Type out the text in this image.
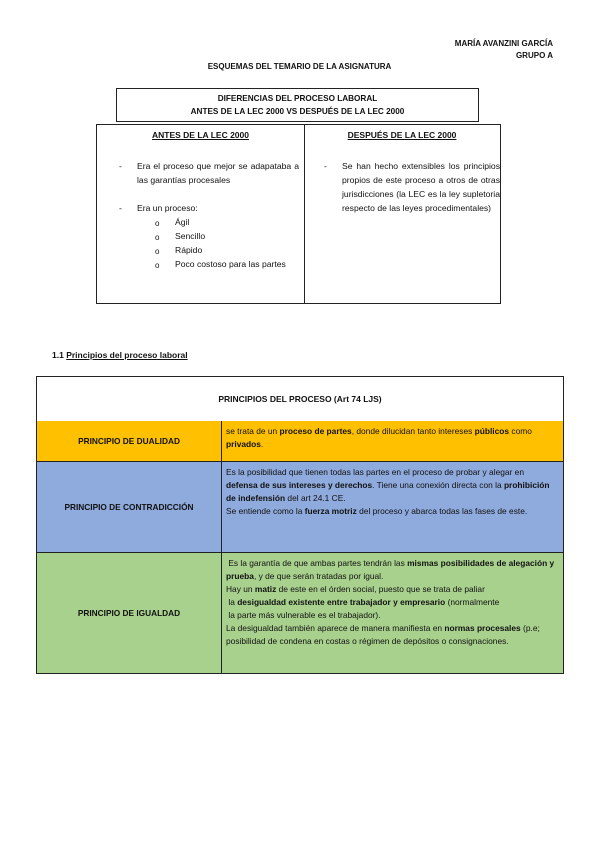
MARÍA AVANZINI GARCÍA
GRUPO A
ESQUEMAS DEL TEMARIO DE LA ASIGNATURA
DIFERENCIAS DEL PROCESO LABORAL
ANTES DE LA LEC 2000 VS DESPUÉS DE LA LEC 2000
ANTES DE LA LEC 2000
- Era el proceso que mejor se adapataba a las garantías procesales
- Era un proceso:
o Ágil
o Sencillo
o Rápido
o Poco costoso para las partes
DESPUÉS DE LA LEC 2000
- Se han hecho extensibles los principios propios de este proceso a otros de otras jurisdicciones (la LEC es la ley supletoria respecto de las leyes procedimentales)
1.1 Principios del proceso laboral
PRINCIPIOS DEL PROCESO (Art 74 LJS)
PRINCIPIO DE DUALIDAD
se trata de un proceso de partes, donde dilucidan tanto intereses públicos como privados.
PRINCIPIO DE CONTRADICCIÓN
Es la posibilidad que tienen todas las partes en el proceso de probar y alegar en defensa de sus intereses y derechos. Tiene una conexión directa con la prohibición de indefensión del art 24.1 CE.
Se entiende como la fuerza motriz del proceso y abarca todas las fases de este.
PRINCIPIO DE IGUALDAD
Es la garantía de que ambas partes tendrán las mismas posibilidades de alegación y prueba, y de que serán tratadas por igual.
Hay un matiz de este en el órden social, puesto que se trata de paliar
la desigualdad existente entre trabajador y empresario (normalmente
la parte más vulnerable es el trabajador).
La desigualdad también aparece de manera manifiesta en normas procesales (p.e; posibilidad de condena en costas o régimen de depósitos o consignaciones.
